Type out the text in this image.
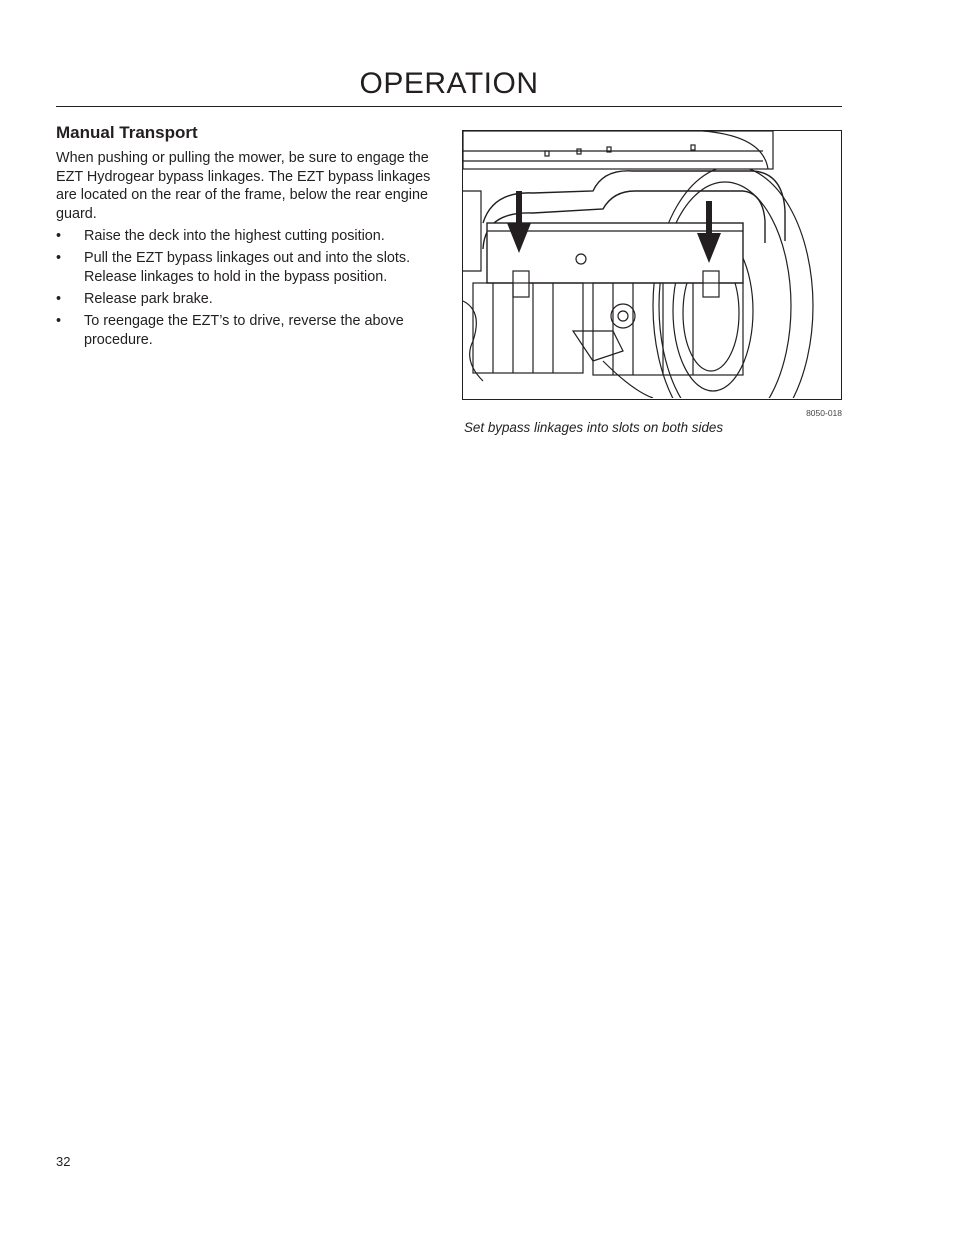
OPERATION
Manual Transport

When pushing or pulling the mower, be sure to engage the EZT Hydrogear bypass linkages. The EZT bypass linkages are located on the rear of the frame, below the rear engine guard.

• Raise the deck into the highest cutting position.
• Pull the EZT bypass linkages out and into the slots. Release linkages to hold in the bypass position.
• Release park brake.
• To reengage the EZT’s to drive, reverse the above procedure.
8050-018
Set bypass linkages into slots on both sides
32
